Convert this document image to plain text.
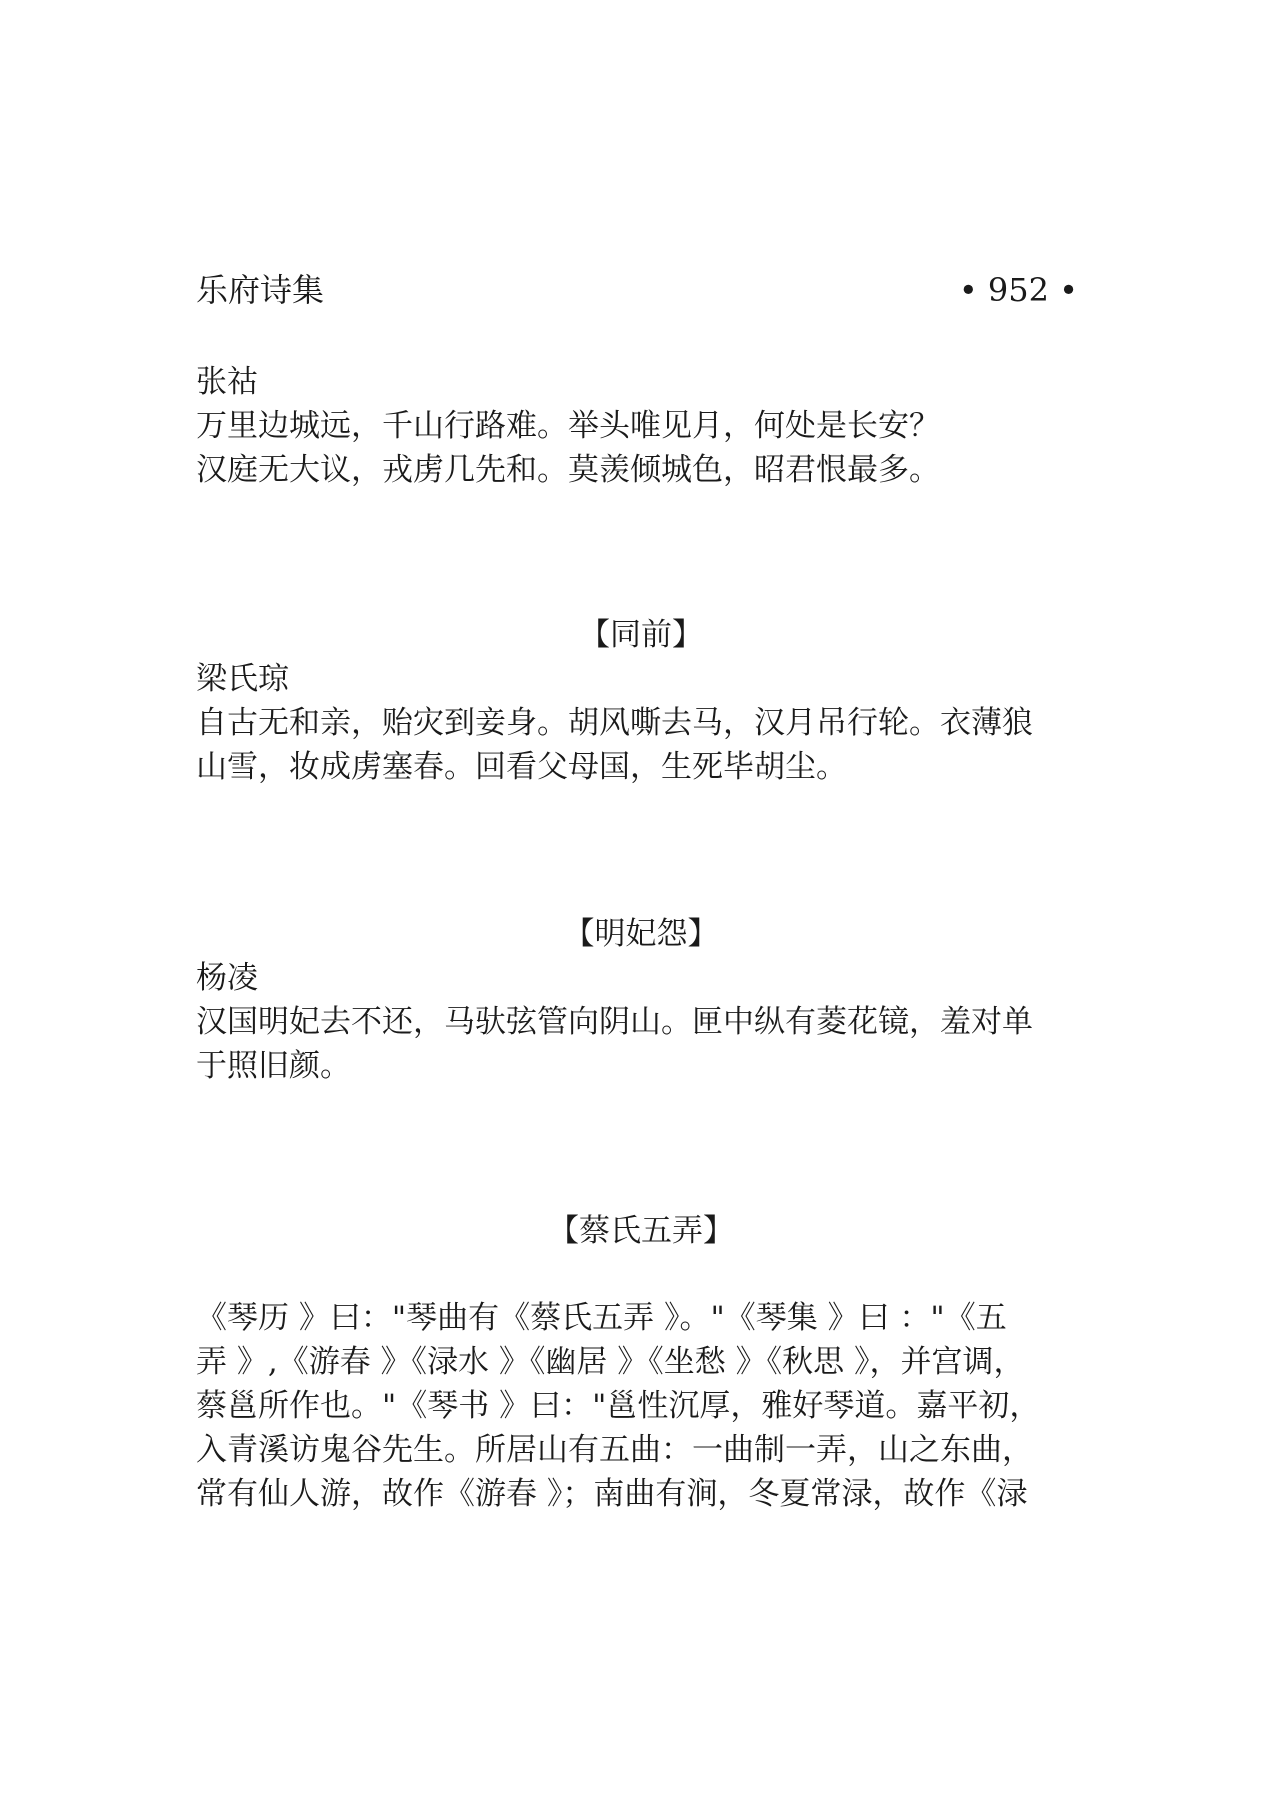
乐府诗集	• 952 •
张祜
万里边城远，千山行路难。举头唯见月，何处是长安？
汉庭无大议，戎虏几先和。莫羡倾城色，昭君恨最多。
【同前】
梁氏琼
自古无和亲，贻灾到妾身。胡风嘶去马，汉月吊行轮。衣薄狼
山雪，妆成虏塞春。回看父母国，生死毕胡尘。
【明妃怨】
杨凌
汉国明妃去不还，马驮弦管向阴山。匣中纵有菱花镜，羞对单
于照旧颜。
【蔡氏五弄】
《琴历 》曰："琴曲有《蔡氏五弄 》。"《琴集 》曰 ："《五
弄 》,《游春 》《渌水 》《幽居 》《坐愁 》《秋思 》，并宫调，
蔡邕所作也。"《琴书 》曰："邕性沉厚，雅好琴道。嘉平初，
入青溪访鬼谷先生。所居山有五曲：一曲制一弄，山之东曲，
常有仙人游，故作《游春 》；南曲有涧，冬夏常渌，故作《渌
